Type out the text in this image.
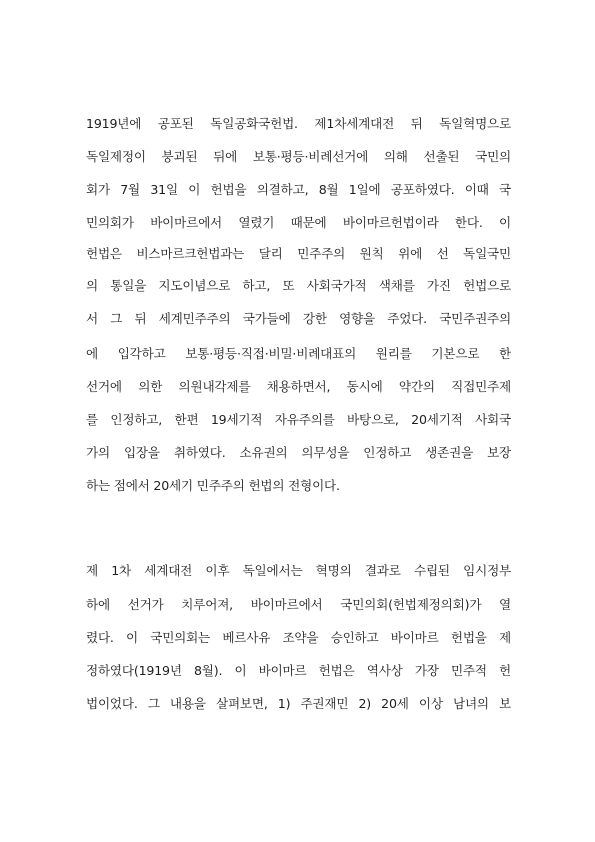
1919년에 공포된 독일공화국헌법. 제1차세계대전 뒤 독일혁명으로
독일제정이 붕괴된 뒤에 보통·평등·비례선거에 의해 선출된 국민의
회가 7월 31일 이 헌법을 의결하고, 8월 1일에 공포하였다. 이때 국
민의회가 바이마르에서 열렸기 때문에 바이마르헌법이라 한다. 이
헌법은 비스마르크헌법과는 달리 민주주의 원칙 위에 선 독일국민
의 통일을 지도이념으로 하고, 또 사회국가적 색채를 가진 헌법으로
서 그 뒤 세계민주주의 국가들에 강한 영향을 주었다. 국민주권주의
에 입각하고 보통·평등·직접·비밀·비례대표의 원리를 기본으로 한
선거에 의한 의원내각제를 채용하면서, 동시에 약간의 직접민주제
를 인정하고, 한편 19세기적 자유주의를 바탕으로, 20세기적 사회국
가의 입장을 취하였다. 소유권의 의무성을 인정하고 생존권을 보장
하는 점에서 20세기 민주주의 헌법의 전형이다.
제 1차 세계대전 이후 독일에서는 혁명의 결과로 수립된 임시정부
하에 선거가 치루어져, 바이마르에서 국민의회(헌법제정의회)가 열
렸다. 이 국민의회는 베르사유 조약을 승인하고 바이마르 헌법을 제
정하였다(1919년 8월). 이 바이마르 헌법은 역사상 가장 민주적 헌
법이었다. 그 내용을 살펴보면, 1) 주권재민 2) 20세 이상 남녀의 보
